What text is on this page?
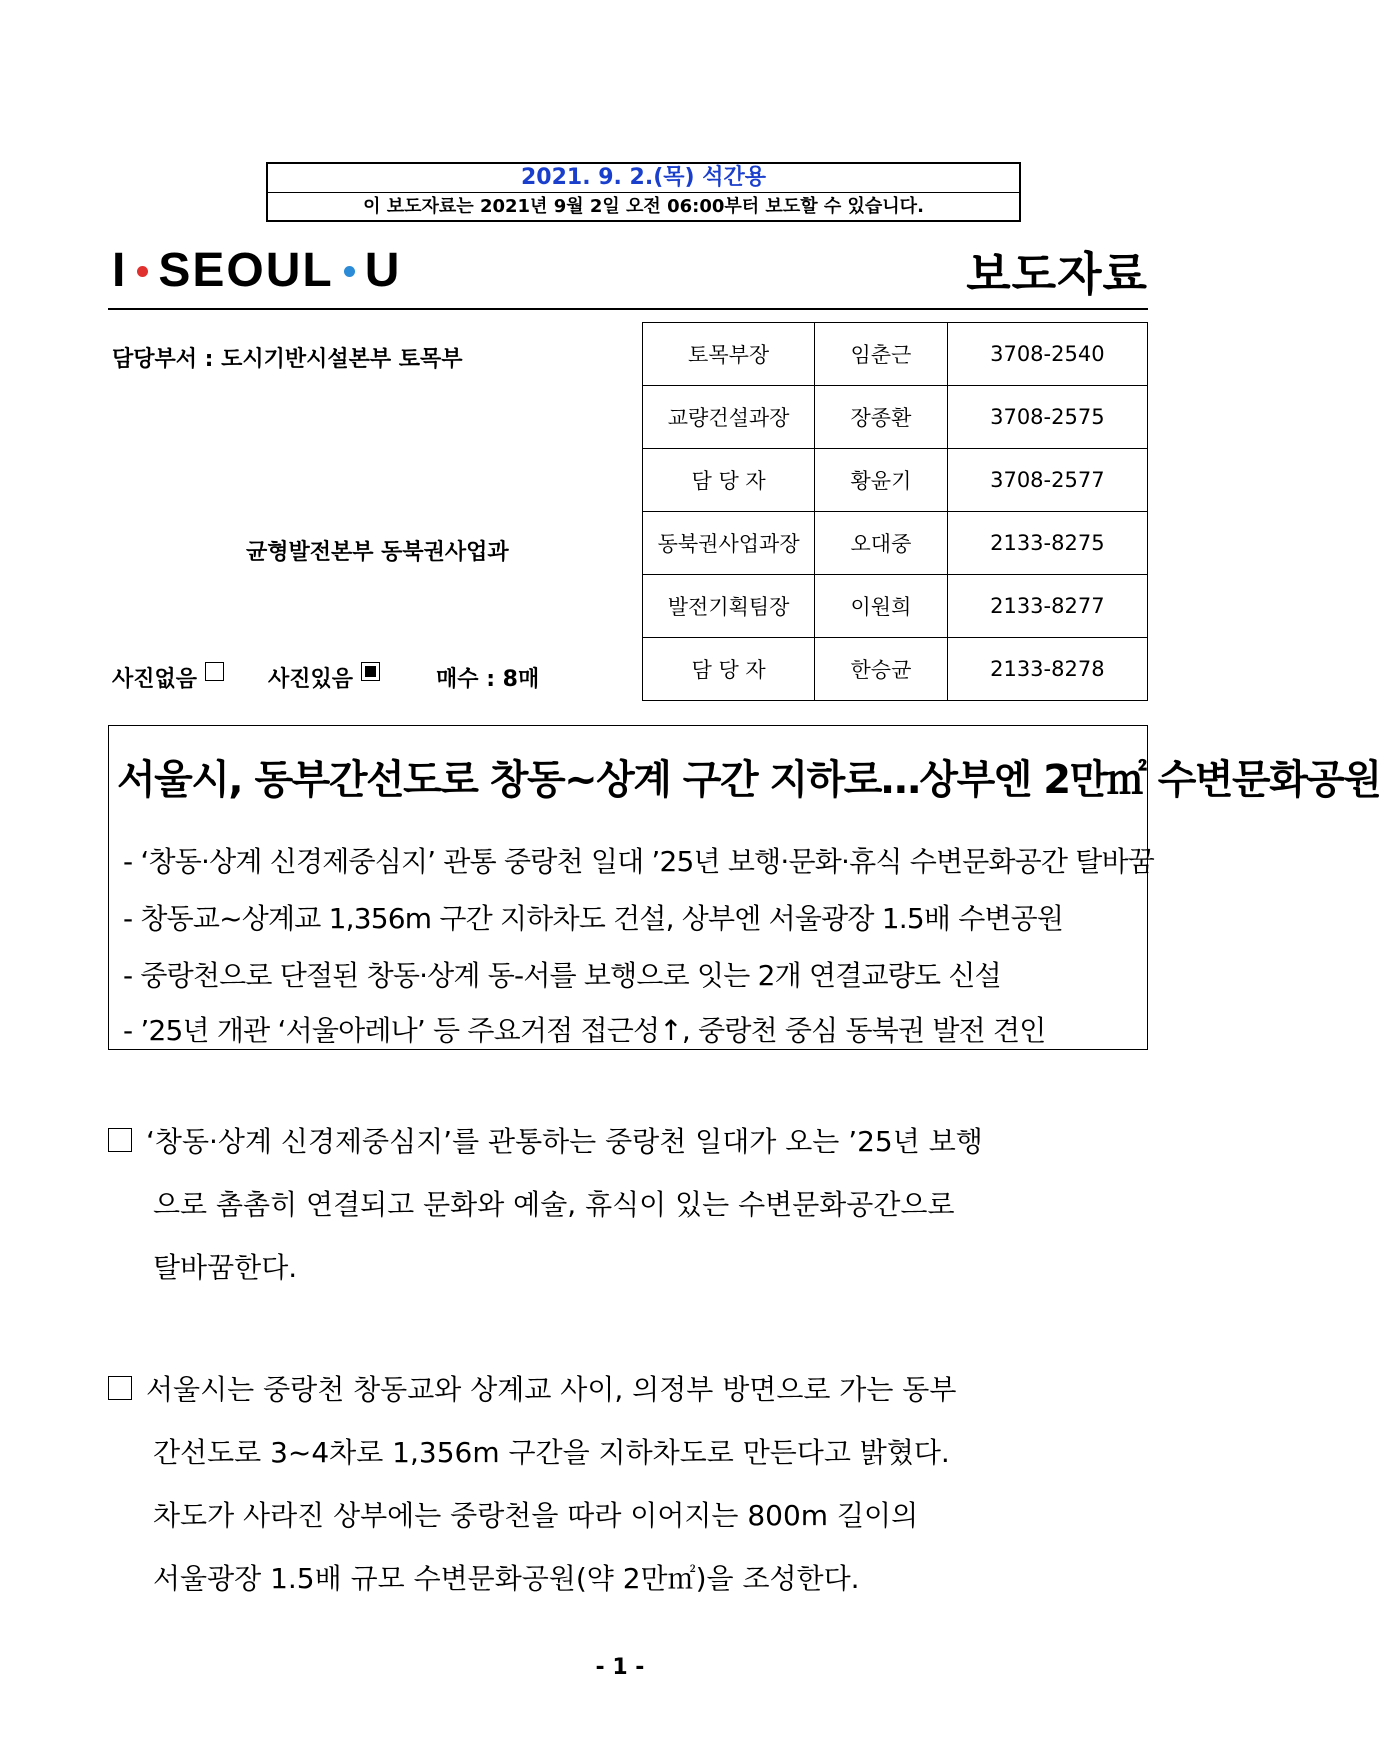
2021. 9. 2.(목) 석간용
이 보도자료는 2021년 9월 2일 오전 06:00부터 보도할 수 있습니다.
I SEOUL U	보도자료
담당부서 : 도시기반시설본부 토목부
균형발전본부 동북권사업과
토목부장	임춘근	3708-2540
교량건설과장	장종환	3708-2575
담 당 자	황윤기	3708-2577
동북권사업과장	오대중	2133-8275
발전기획팀장	이원희	2133-8277
담 당 자	한승균	2133-8278
사진없음	사진있음	매수 : 8매
서울시, 동부간선도로 창동~상계 구간 지하로…상부엔 2만㎡ 수변문화공원
- ‘창동·상계 신경제중심지’ 관통 중랑천 일대 ’25년 보행·문화·휴식 수변문화공간 탈바꿈
- 창동교~상계교 1,356m 구간 지하차도 건설, 상부엔 서울광장 1.5배 수변공원
- 중랑천으로 단절된 창동·상계 동-서를 보행으로 잇는 2개 연결교량도 신설
- ’25년 개관 ‘서울아레나’ 등 주요거점 접근성↑, 중랑천 중심 동북권 발전 견인
‘창동·상계 신경제중심지’를 관통하는 중랑천 일대가 오는 ’25년 보행
으로 촘촘히 연결되고 문화와 예술, 휴식이 있는 수변문화공간으로
탈바꿈한다.
서울시는 중랑천 창동교와 상계교 사이, 의정부 방면으로 가는 동부
간선도로 3~4차로 1,356m 구간을 지하차도로 만든다고 밝혔다.
차도가 사라진 상부에는 중랑천을 따라 이어지는 800m 길이의
서울광장 1.5배 규모 수변문화공원(약 2만㎡)을 조성한다.
- 1 -
